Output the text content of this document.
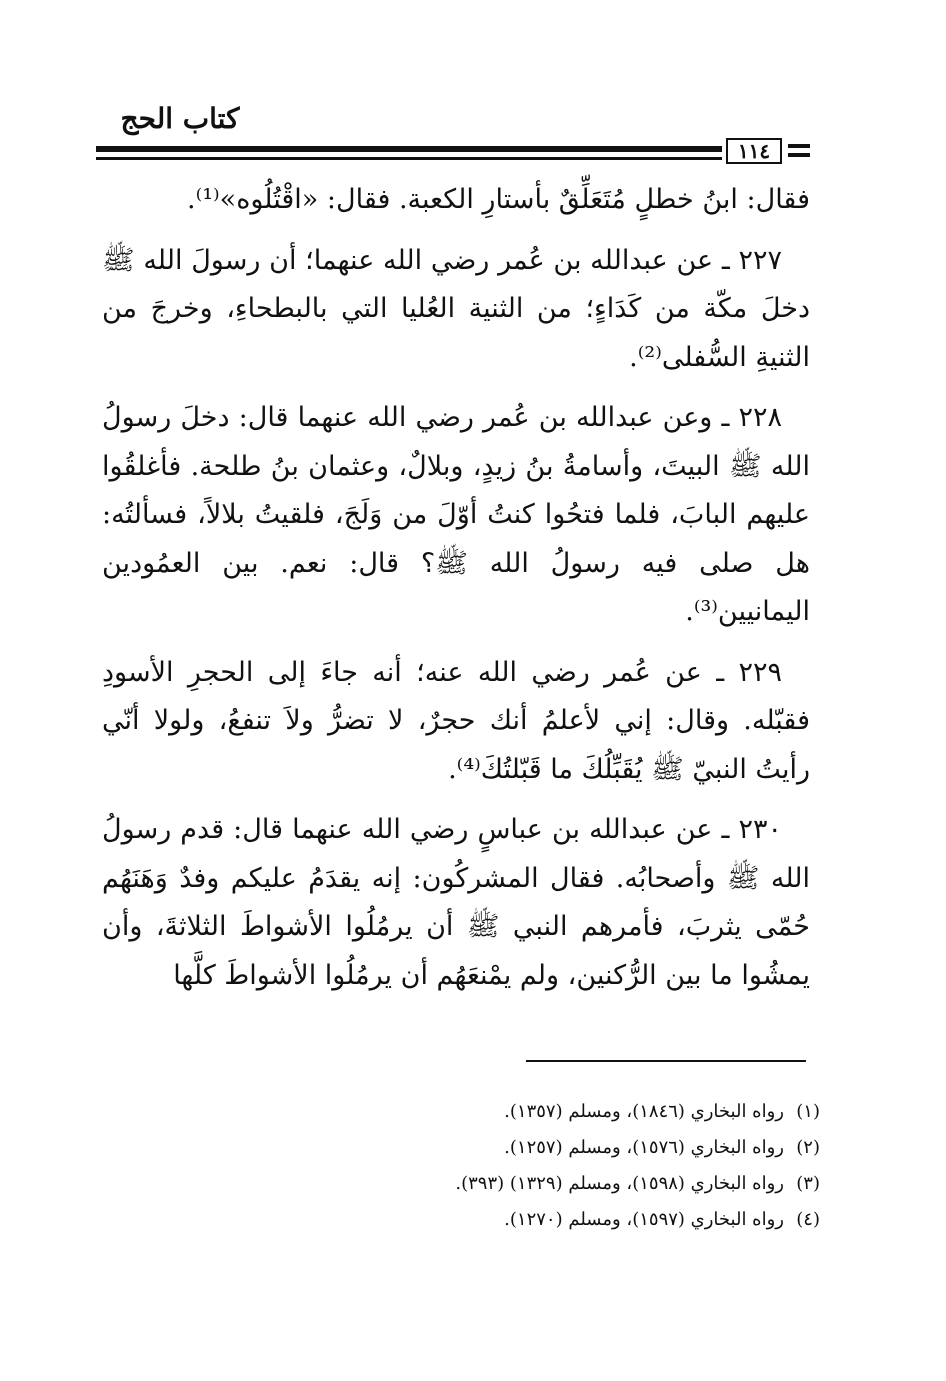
كتاب الحج
١١٤

فقال: ابنُ خطلٍ مُتَعَلِّقٌ بأستارِ الكعبة. فقال: «اقْتُلُوه»⁽¹⁾.

٢٢٧ ـ عن عبدالله بن عُمر رضي الله عنهما؛ أن رسولَ الله ﷺ دخلَ مكّة من كَدَاءٍ؛ من الثنية العُليا التي بالبطحاءِ، وخرجَ من الثنيةِ السُّفلى⁽²⁾.

٢٢٨ ـ وعن عبدالله بن عُمر رضي الله عنهما قال: دخلَ رسولُ الله ﷺ البيتَ، وأسامةُ بنُ زيدٍ، وبلالٌ، وعثمان بنُ طلحة. فأغلقُوا عليهم البابَ، فلما فتحُوا كنتُ أوّلَ من وَلَجَ، فلقيتُ بلالاً، فسألتُه: هل صلى فيه رسولُ الله ﷺ؟ قال: نعم. بين العمُودين اليمانيين⁽³⁾.

٢٢٩ ـ عن عُمر رضي الله عنه؛ أنه جاءَ إلى الحجرِ الأسودِ فقبّله. وقال: إني لأعلمُ أنك حجرٌ، لا تضرُّ ولاَ تنفعُ، ولولا أنّي رأيتُ النبيّ ﷺ يُقَبِّلُكَ ما قَبّلتُكَ⁽⁴⁾.

٢٣٠ ـ عن عبدالله بن عباسٍ رضي الله عنهما قال: قدم رسولُ الله ﷺ وأصحابُه. فقال المشركُون: إنه يقدَمُ عليكم وفدٌ وَهَنَهُم حُمّى يثربَ، فأمرهم النبي ﷺ أن يرمُلُوا الأشواطَ الثلاثةَ، وأن يمشُوا ما بين الرُّكنين، ولم يمْنعَهُم أن يرمُلُوا الأشواطَ كلَّها

(١)رواه البخاري (١٨٤٦)، ومسلم (١٣٥٧).
(٢)رواه البخاري (١٥٧٦)، ومسلم (١٢٥٧).
(٣)رواه البخاري (١٥٩٨)، ومسلم (١٣٢٩) (٣٩٣).
(٤)رواه البخاري (١٥٩٧)، ومسلم (١٢٧٠).
